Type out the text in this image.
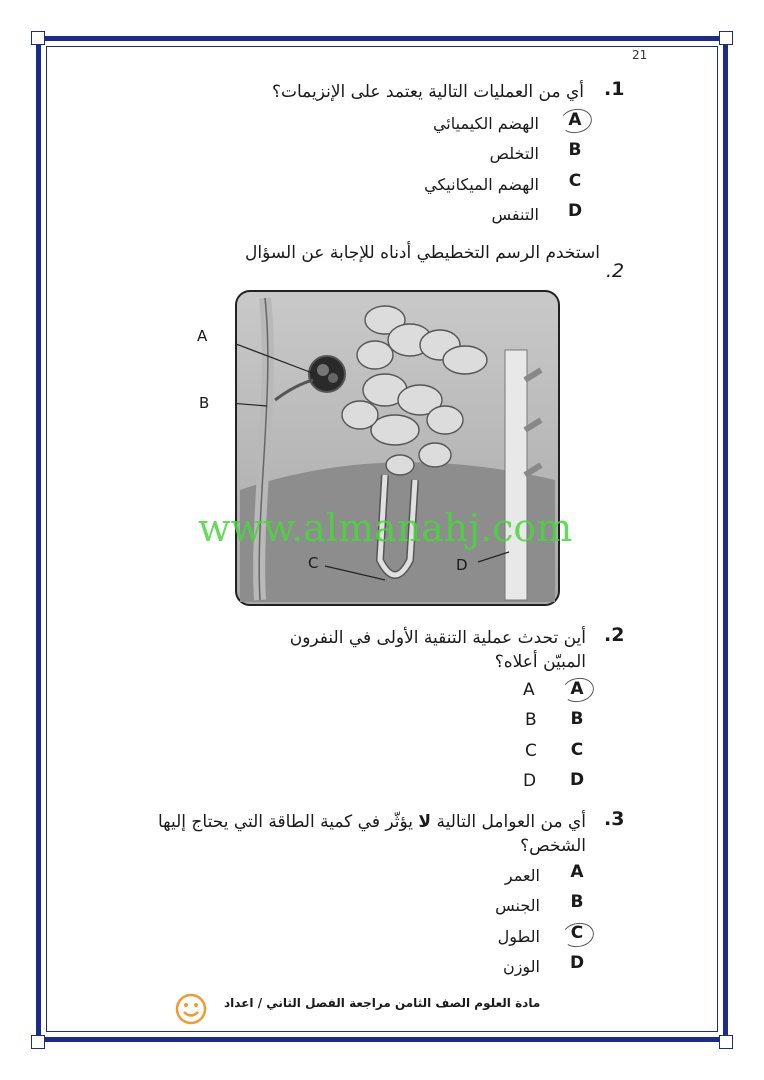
21
.1
أي من العمليات التالية يعتمد على الإنزيمات؟
A
الهضم الكيميائي
B
التخلص
C
الهضم الميكانيكي
D
التنفس
استخدم الرسم التخطيطي أدناه للإجابة عن السؤال
.2
A
B
C	D
www.almanahj.com
.2
أين تحدث عملية التنقية الأولى في النفرون المبيّن أعلاه؟
A
A
B
B
C
C
D
D
.3
أي من العوامل التالية لا يؤثّر في كمية الطاقة التي يحتاج إليها الشخص؟
A
العمر
B
الجنس
C
الطول
D
الوزن
مادة العلوم الصف الثامن مراجعة الفصل الثاني / اعداد
